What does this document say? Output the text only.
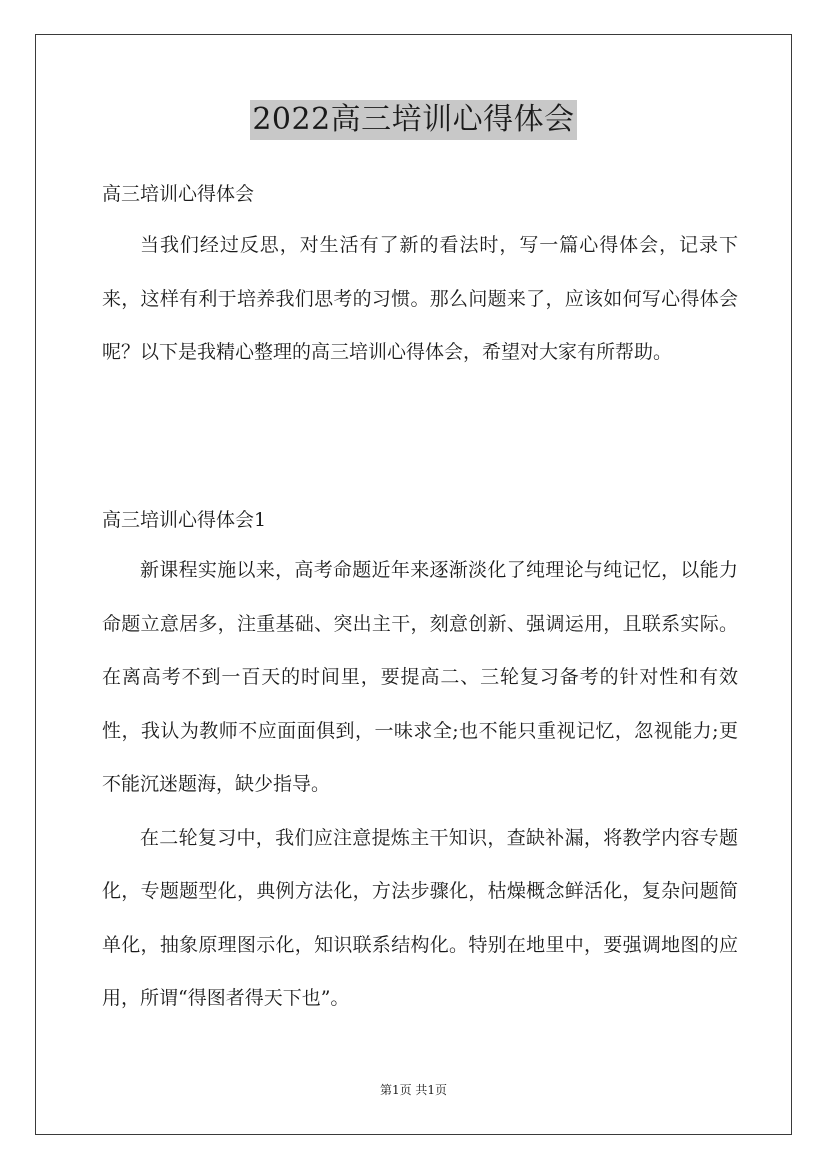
2022高三培训心得体会
高三培训心得体会

当我们经过反思，对生活有了新的看法时，写一篇心得体会，记录下来，这样有利于培养我们思考的习惯。那么问题来了，应该如何写心得体会呢？以下是我精心整理的高三培训心得体会，希望对大家有所帮助。

高三培训心得体会1

新课程实施以来，高考命题近年来逐渐淡化了纯理论与纯记忆，以能力命题立意居多，注重基础、突出主干，刻意创新、强调运用，且联系实际。在离高考不到一百天的时间里，要提高二、三轮复习备考的针对性和有效性，我认为教师不应面面俱到，一味求全;也不能只重视记忆，忽视能力;更不能沉迷题海，缺少指导。

在二轮复习中，我们应注意提炼主干知识，查缺补漏，将教学内容专题化，专题题型化，典例方法化，方法步骤化，枯燥概念鲜活化，复杂问题简单化，抽象原理图示化，知识联系结构化。特别在地里中，要强调地图的应用，所谓“得图者得天下也”。

第1页 共1页
